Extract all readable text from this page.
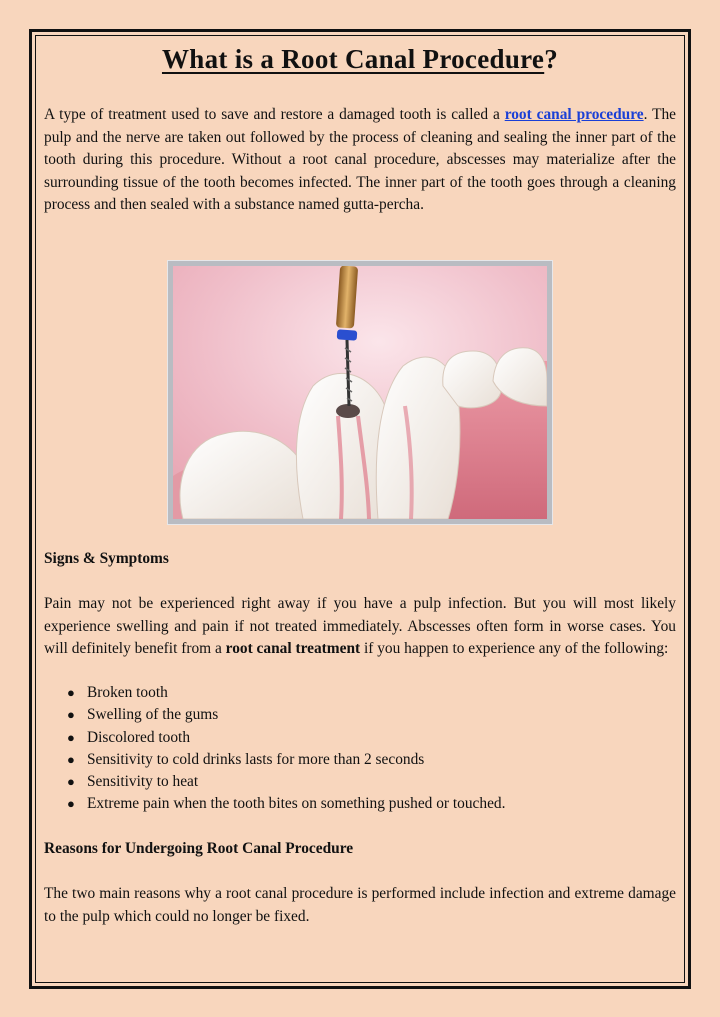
What is a Root Canal Procedure?

A type of treatment used to save and restore a damaged tooth is called a root canal procedure. The pulp and the nerve are taken out followed by the process of cleaning and sealing the inner part of the tooth during this procedure. Without a root canal procedure, abscesses may materialize after the surrounding tissue of the tooth becomes infected. The inner part of the tooth goes through a cleaning process and then sealed with a substance named gutta-percha.

Signs & Symptoms

Pain may not be experienced right away if you have a pulp infection. But you will most likely experience swelling and pain if not treated immediately. Abscesses often form in worse cases. You will definitely benefit from a root canal treatment if you happen to experience any of the following:

● Broken tooth
● Swelling of the gums
● Discolored tooth
● Sensitivity to cold drinks lasts for more than 2 seconds
● Sensitivity to heat
● Extreme pain when the tooth bites on something pushed or touched.

Reasons for Undergoing Root Canal Procedure

The two main reasons why a root canal procedure is performed include infection and extreme damage to the pulp which could no longer be fixed.
